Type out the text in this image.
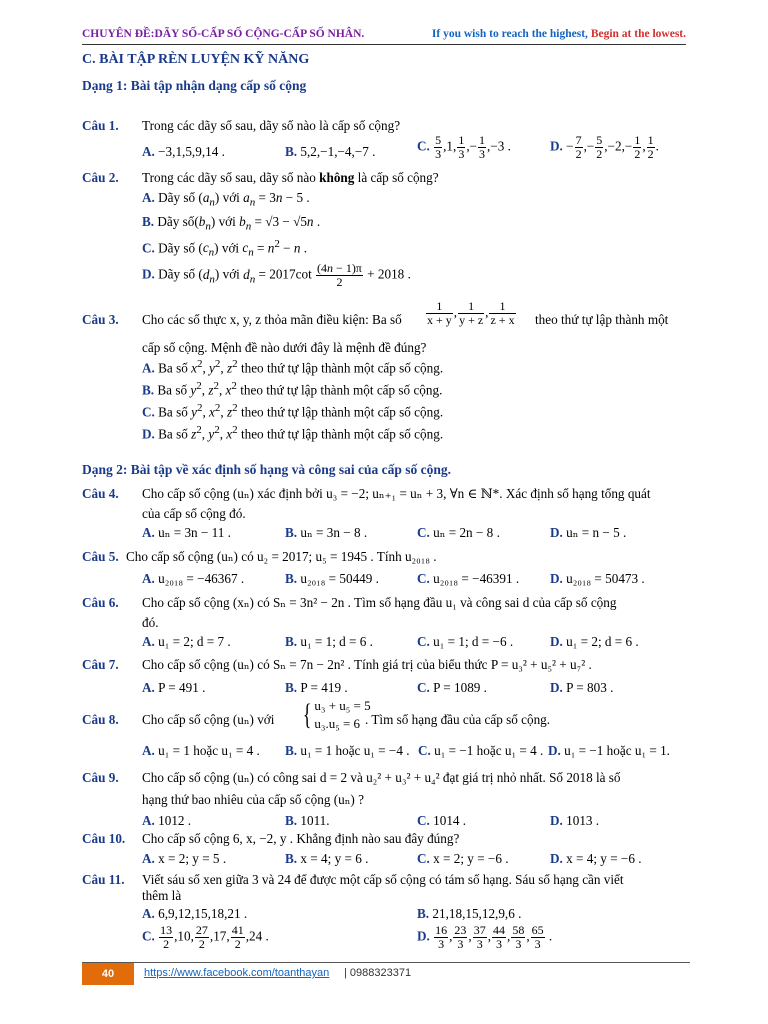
CHUYÊN ĐỀ:DÃY SỐ-CẤP SỐ CỘNG-CẤP SỐ NHÂN.	If you wish to reach the highest, Begin at the lowest.
C. BÀI TẬP RÈN LUYỆN KỸ NĂNG
Dạng 1: Bài tập nhận dạng cấp số cộng
Câu 1. Trong các dãy số sau, dãy số nào là cấp số cộng?
A. −3,1,5,9,14 .	B. 5,2,−1,−4,−7 .	C. $\frac{5}{3} ,1$, $\frac{1}{3}$ ,− $\frac{1}{3} ,-3$ .	D. − $\frac{7}{2}$ ,− $\frac{5}{2} ,-2,- \frac{1}{2}$ , $\frac{1}{2}$ .
Câu 2. Trong các dãy số sau, dãy số nào không là cấp số cộng?
A. Dãy số $(a_n)$ với $a_n = 3n - 5$ .
B. Dãy $số(b_n)$ với $b_n = √3 - √5n$ .
C. Dãy số $(c_n)$ với $c_n = n^2 - n$ .
D. Dãy số $(d_n)$ với $d_n = 2017\cot \frac{(4n - 1)\pi}{2} + 2018$ .
Câu 3. Cho các số thực x, y, z thỏa mãn điều kiện: Ba số $\frac{1}{x + y}$ , $\frac{1}{y + z}$ , $\frac{1}{z + x}$ theo thứ tự lập thành một
cấp số cộng. Mệnh đề nào dưới đây là mệnh đề đúng?
A. Ba số $x^2$, $y^2$, $z^2$ theo thứ tự lập thành một cấp số cộng.
B. Ba số $y^2$, $z^2$, $x^2$ theo thứ tự lập thành một cấp số cộng.
C. Ba số $y^2$, $x^2$, $z^2$ theo thứ tự lập thành một cấp số cộng.
D. Ba số $z^2$, $y^2$, $x^2$ theo thứ tự lập thành một cấp số cộng.
Dạng 2: Bài tập về xác định số hạng và công sai của cấp số cộng.
Câu 4. Cho cấp số cộng (uₙ) xác định bởi u₃ = −2; uₙ₊₁ = uₙ + 3, ∀n ∈ ℕ*. Xác định số hạng tổng quát
của cấp số cộng đó.
A. uₙ = 3n − 11 .	B. uₙ = 3n − 8 .	C. uₙ = 2n − 8 .	D. uₙ = n − 5 .
Câu 5. Cho cấp số cộng (uₙ) có u₂ = 2017; u₅ = 1945 . Tính u₂₀₁₈ .
A. u₂₀₁₈ = −46367 .	B. u₂₀₁₈ = 50449 .	C. u₂₀₁₈ = −46391 . D. u₂₀₁₈ = 50473 .
Câu 6. Cho cấp số cộng (xₙ) có Sₙ = 3n² − 2n . Tìm số hạng đầu u₁ và công sai d của cấp số cộng
đó.
A. u₁ = 2; d = 7 .	B. u₁ = 1; d = 6 .	C. u₁ = 1; d = −6 .	D. u₁ = 2; d = 6 .
Câu 7. Cho cấp số cộng (uₙ) có Sₙ = 7n − 2n² . Tính giá trị của biểu thức P = u₃² + u₅² + u₇² .
A. P = 491 .	B. P = 419 .	C. P = 1089 .	D. P = 803 .
Câu 8. Cho cấp số cộng (uₙ) với { u₃ + u₅ = 5
u₃.u₅ = 6 . Tìm số hạng đầu của cấp số cộng.
A. u₁ = 1 hoặc u₁ = 4 . B. u₁ = 1 hoặc u₁ = −4 . C. u₁ = −1 hoặc u₁ = 4 . D. u₁ = −1 hoặc u₁ = 1.
Câu 9. Cho cấp số cộng (uₙ) có công sai d = 2 và u₂² + u₃² + u₄² đạt giá trị nhỏ nhất. Số 2018 là số
hạng thứ bao nhiêu của cấp số cộng (uₙ) ?
A. 1012 .	B. 1011.	C. 1014 .	D. 1013 .
Câu 10. Cho cấp số cộng 6, x, −2, y . Khẳng định nào sau đây đúng?
A. x = 2; y = 5 .	B. x = 4; y = 6 .	C. x = 2; y = −6 .	D. x = 4; y = −6 .
Câu 11. Viết sáu số xen giữa 3 và 24 để được một cấp số cộng có tám số hạng. Sáu số hạng cần viết
thêm là
A. 6,9,12,15,18,21 .	B. 21,18,15,12,9,6 .
C. $\frac{13}{2} ,10$, $\frac{27}{2} ,17$, $\frac{41}{2} ,24$ .	D. $\frac{16}{3}$ , $\frac{23}{3}$ , $\frac{37}{3}$ , $\frac{44}{3}$ , $\frac{58}{3}$ , $\frac{65}{3}$ .
40	https://www.facebook.com/toanthayan | 0988323371
